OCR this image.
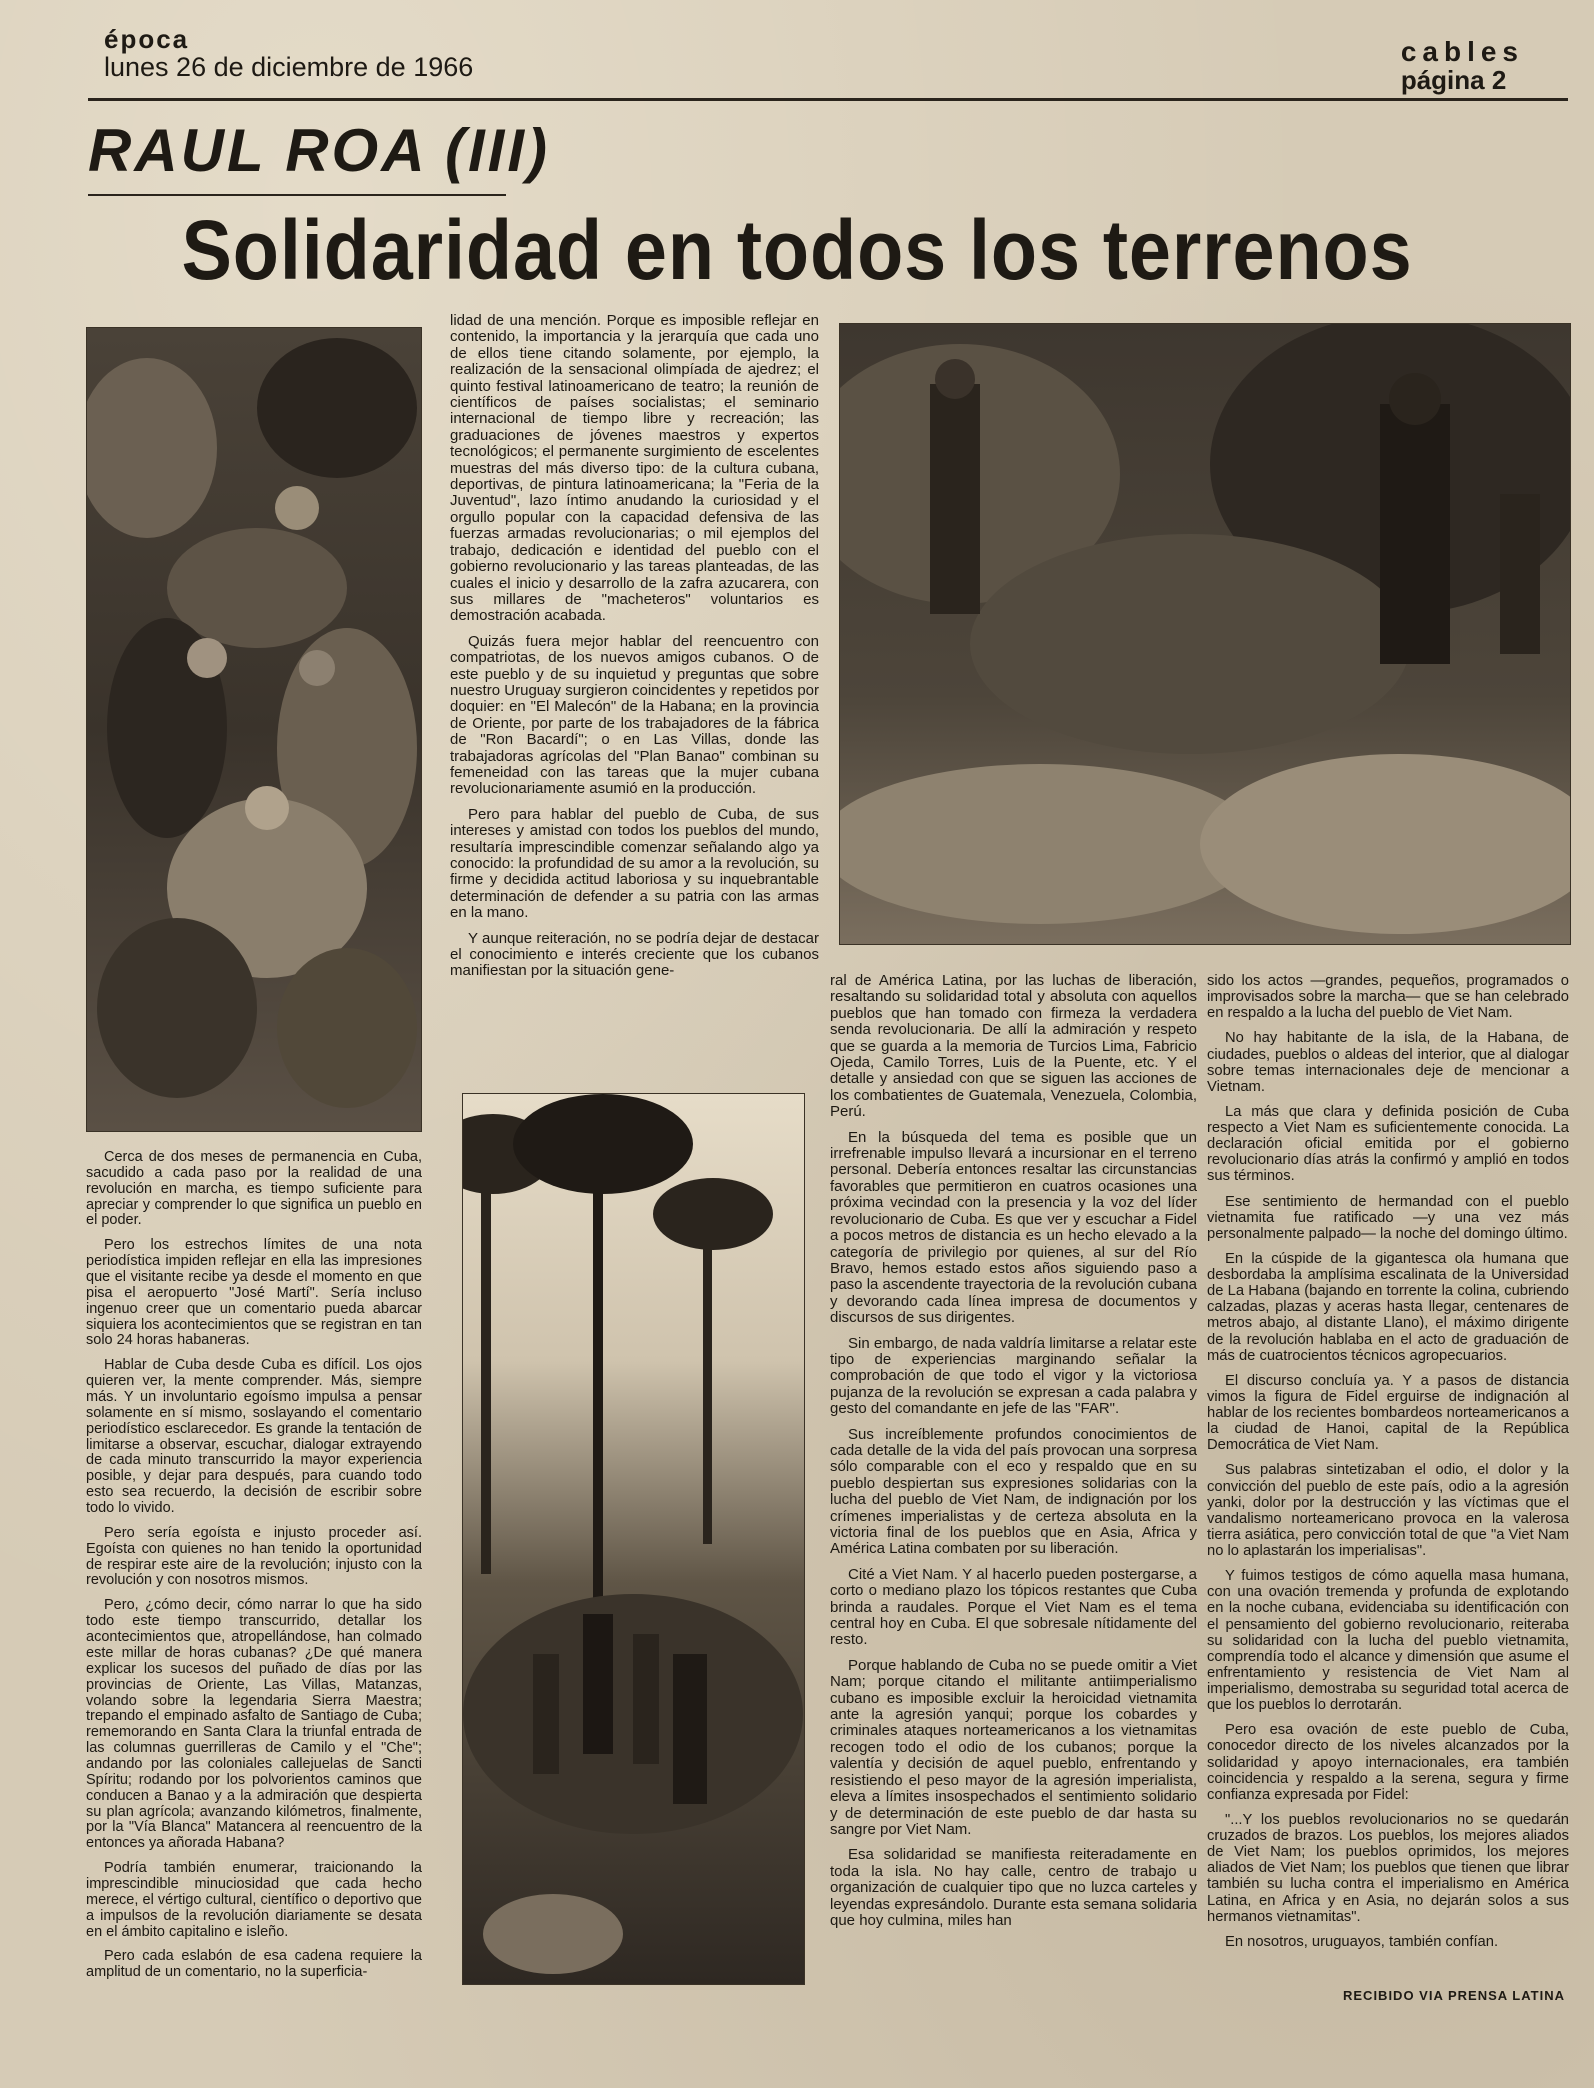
época
lunes 26 de diciembre de 1966	cables
página 2
RAUL ROA (III)
Solidaridad en todos los terrenos

Cerca de dos meses de permanencia en Cuba, sacudido a cada paso por la realidad de una revolución en marcha, es tiempo suficiente para apreciar y comprender lo que significa un pueblo en el poder.

Pero los estrechos límites de una nota periodística impiden reflejar en ella las impresiones que el visitante recibe ya desde el momento en que pisa el aeropuerto "José Martí". Sería incluso ingenuo creer que un comentario pueda abarcar siquiera los acontecimientos que se registran en tan solo 24 horas habaneras.

Hablar de Cuba desde Cuba es difícil. Los ojos quieren ver, la mente comprender. Más, siempre más. Y un involuntario egoísmo impulsa a pensar solamente en sí mismo, soslayando el comentario periodístico esclarecedor. Es grande la tentación de limitarse a observar, escuchar, dialogar extrayendo de cada minuto transcurrido la mayor experiencia posible, y dejar para después, para cuando todo esto sea recuerdo, la decisión de escribir sobre todo lo vivido.

Pero sería egoísta e injusto proceder así. Egoísta con quienes no han tenido la oportunidad de respirar este aire de la revolución; injusto con la revolución y con nosotros mismos.

Pero, ¿cómo decir, cómo narrar lo que ha sido todo este tiempo transcurrido, detallar los acontecimientos que, atropellándose, han colmado este millar de horas cubanas? ¿De qué manera explicar los sucesos del puñado de días por las provincias de Oriente, Las Villas, Matanzas, volando sobre la legendaria Sierra Maestra; trepando el empinado asfalto de Santiago de Cuba; rememorando en Santa Clara la triunfal entrada de las columnas guerrilleras de Camilo y el "Che"; andando por las coloniales callejuelas de Sancti Spíritu; rodando por los polvorientos caminos que conducen a Banao y a la admiración que despierta su plan agrícola; avanzando kilómetros, finalmente, por la "Vía Blanca" Matancera al reencuentro de la entonces ya añorada Habana?

Podría también enumerar, traicionando la imprescindible minuciosidad que cada hecho merece, el vértigo cultural, científico o deportivo que a impulsos de la revolución diariamente se desata en el ámbito capitalino e isleño.

Pero cada eslabón de esa cadena requiere la amplitud de un comentario, no la superficia-

lidad de una mención. Porque es imposible reflejar en contenido, la importancia y la jerarquía que cada uno de ellos tiene citando solamente, por ejemplo, la realización de la sensacional olimpíada de ajedrez; el quinto festival latinoamericano de teatro; la reunión de científicos de países socialistas; el seminario internacional de tiempo libre y recreación; las graduaciones de jóvenes maestros y expertos tecnológicos; el permanente surgimiento de escelentes muestras del más diverso tipo: de la cultura cubana, deportivas, de pintura latinoamericana; la "Feria de la Juventud", lazo íntimo anudando la curiosidad y el orgullo popular con la capacidad defensiva de las fuerzas armadas revolucionarias; o mil ejemplos del trabajo, dedicación e identidad del pueblo con el gobierno revolucionario y las tareas planteadas, de las cuales el inicio y desarrollo de la zafra azucarera, con sus millares de "macheteros" voluntarios es demostración acabada.

Quizás fuera mejor hablar del reencuentro con compatriotas, de los nuevos amigos cubanos. O de este pueblo y de su inquietud y preguntas que sobre nuestro Uruguay surgieron coincidentes y repetidos por doquier: en "El Malecón" de la Habana; en la provincia de Oriente, por parte de los trabajadores de la fábrica de "Ron Bacardí"; o en Las Villas, donde las trabajadoras agrícolas del "Plan Banao" combinan su femeneidad con las tareas que la mujer cubana revolucionariamente asumió en la producción.

Pero para hablar del pueblo de Cuba, de sus intereses y amistad con todos los pueblos del mundo, resultaría imprescindible comenzar señalando algo ya conocido: la profundidad de su amor a la revolución, su firme y decidida actitud laboriosa y su inquebrantable determinación de defender a su patria con las armas en la mano.

Y aunque reiteración, no se podría dejar de destacar el conocimiento e interés creciente que los cubanos manifiestan por la situación gene-

ral de América Latina, por las luchas de liberación, resaltando su solidaridad total y absoluta con aquellos pueblos que han tomado con firmeza la verdadera senda revolucionaria. De allí la admiración y respeto que se guarda a la memoria de Turcios Lima, Fabricio Ojeda, Camilo Torres, Luis de la Puente, etc. Y el detalle y ansiedad con que se siguen las acciones de los combatientes de Guatemala, Venezuela, Colombia, Perú.

En la búsqueda del tema es posible que un irrefrenable impulso llevará a incursionar en el terreno personal. Debería entonces resaltar las circunstancias favorables que permitieron en cuatros ocasiones una próxima vecindad con la presencia y la voz del líder revolucionario de Cuba. Es que ver y escuchar a Fidel a pocos metros de distancia es un hecho elevado a la categoría de privilegio por quienes, al sur del Río Bravo, hemos estado estos años siguiendo paso a paso la ascendente trayectoria de la revolución cubana y devorando cada línea impresa de documentos y discursos de sus dirigentes.

Sin embargo, de nada valdría limitarse a relatar este tipo de experiencias marginando señalar la comprobación de que todo el vigor y la victoriosa pujanza de la revolución se expresan a cada palabra y gesto del comandante en jefe de las "FAR".

Sus increíblemente profundos conocimientos de cada detalle de la vida del país provocan una sorpresa sólo comparable con el eco y respaldo que en su pueblo despiertan sus expresiones solidarias con la lucha del pueblo de Viet Nam, de indignación por los crímenes imperialistas y de certeza absoluta en la victoria final de los pueblos que en Asia, Africa y América Latina combaten por su liberación.

Cité a Viet Nam. Y al hacerlo pueden postergarse, a corto o mediano plazo los tópicos restantes que Cuba brinda a raudales. Porque el Viet Nam es el tema central hoy en Cuba. El que sobresale nítidamente del resto.

Porque hablando de Cuba no se puede omitir a Viet Nam; porque citando el militante antiimperialismo cubano es imposible excluir la heroicidad vietnamita ante la agresión yanqui; porque los cobardes y criminales ataques norteamericanos a los vietnamitas recogen todo el odio de los cubanos; porque la valentía y decisión de aquel pueblo, enfrentando y resistiendo el peso mayor de la agresión imperialista, eleva a límites insospechados el sentimiento solidario y de determinación de este pueblo de dar hasta su sangre por Viet Nam.

Esa solidaridad se manifiesta reiteradamente en toda la isla. No hay calle, centro de trabajo u organización de cualquier tipo que no luzca carteles y leyendas expresándolo. Durante esta semana solidaria que hoy culmina, miles han

sido los actos —grandes, pequeños, programados o improvisados sobre la marcha— que se han celebrado en respaldo a la lucha del pueblo de Viet Nam.

No hay habitante de la isla, de la Habana, de ciudades, pueblos o aldeas del interior, que al dialogar sobre temas internacionales deje de mencionar a Vietnam.

La más que clara y definida posición de Cuba respecto a Viet Nam es suficientemente conocida. La declaración oficial emitida por el gobierno revolucionario días atrás la confirmó y amplió en todos sus términos.

Ese sentimiento de hermandad con el pueblo vietnamita fue ratificado —y una vez más personalmente palpado— la noche del domingo último.

En la cúspide de la gigantesca ola humana que desbordaba la amplísima escalinata de la Universidad de La Habana (bajando en torrente la colina, cubriendo calzadas, plazas y aceras hasta llegar, centenares de metros abajo, al distante Llano), el máximo dirigente de la revolución hablaba en el acto de graduación de más de cuatrocientos técnicos agropecuarios.

El discurso concluía ya. Y a pasos de distancia vimos la figura de Fidel erguirse de indignación al hablar de los recientes bombardeos norteamericanos a la ciudad de Hanoi, capital de la República Democrática de Viet Nam.

Sus palabras sintetizaban el odio, el dolor y la convicción del pueblo de este país, odio a la agresión yanki, dolor por la destrucción y las víctimas que el vandalismo norteamericano provoca en la valerosa tierra asiática, pero convicción total de que "a Viet Nam no lo aplastarán los imperialisas".

Y fuimos testigos de cómo aquella masa humana, con una ovación tremenda y profunda de explotando en la noche cubana, evidenciaba su identificación con el pensamiento del gobierno revolucionario, reiteraba su solidaridad con la lucha del pueblo vietnamita, comprendía todo el alcance y dimensión que asume el enfrentamiento y resistencia de Viet Nam al imperialismo, demostraba su seguridad total acerca de que los pueblos lo derrotarán.

Pero esa ovación de este pueblo de Cuba, conocedor directo de los niveles alcanzados por la solidaridad y apoyo internacionales, era también coincidencia y respaldo a la serena, segura y firme confianza expresada por Fidel:

"...Y los pueblos revolucionarios no se quedarán cruzados de brazos. Los pueblos, los mejores aliados de Viet Nam; los pueblos oprimidos, los mejores aliados de Viet Nam; los pueblos que tienen que librar también su lucha contra el imperialismo en América Latina, en Africa y en Asia, no dejarán solos a sus hermanos vietnamitas".

En nosotros, uruguayos, también confían.

RECIBIDO VIA PRENSA LATINA
